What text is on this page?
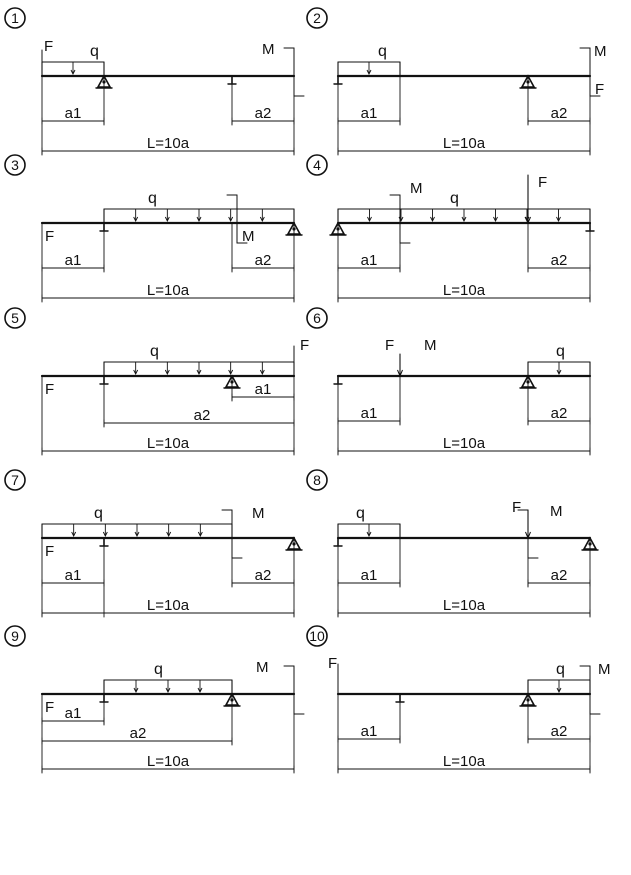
1
L=10a
q
F	M
a1	a2
2
L=10a
q	M
F
a1	a2
3
L=10a
q
F	M
a1	a2
4
L=10a
q
M	F
a1	a2
5
L=10a
q
F
F
a1
a2
6
L=10a
F M	q
a1	a2
7
L=10a
q	M
F
a1	a2
8
L=10a
q	F M
a1	a2
9
L=10a
q	M
F a1
a2
10
L=10a
F	q M
a1	a2
